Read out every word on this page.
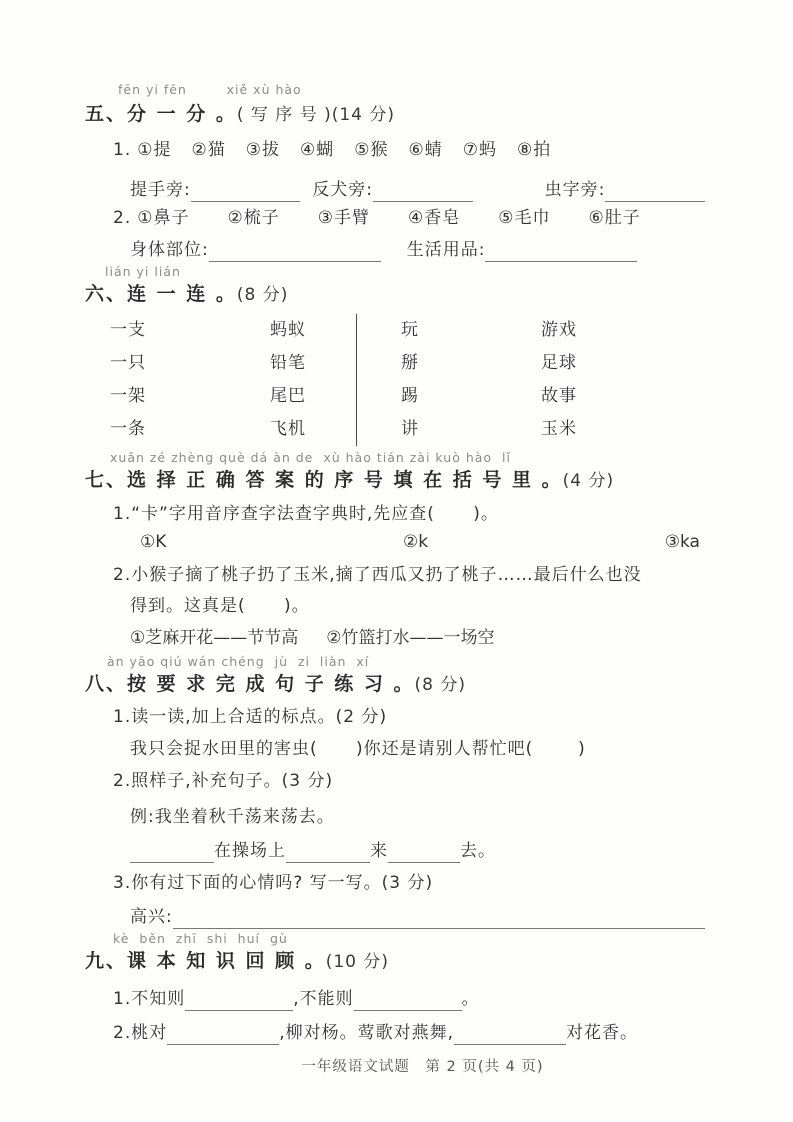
fēn yi fēn        xiě xù hào
五、分 一 分 。( 写 序 号 )(14 分)
1. ①提 ②猫 ③拔 ④蝴 ⑤猴 ⑥蜻 ⑦蚂 ⑧拍
提手旁:	反犬旁:	虫字旁:
2. ①鼻子 ②梳子 ③手臂 ④香皂 ⑤毛巾 ⑥肚子
身体部位:	生活用品:
lián yi lián
六、连 一 连 。(8 分)
一支	蚂蚁
一只	铅笔
一架	尾巴
一条	飞机
玩	游戏
掰	足球
踢	故事
讲	玉米
xuǎn zé zhèng què dá àn de  xù hào tián zài kuò hào  lǐ
七、选 择 正 确 答 案 的 序 号 填 在 括 号 里 。(4 分)
1.“卡”字用音序查字法查字典时,先应查(      )。
①K	②k	③ka
2.小猴子摘了桃子扔了玉米,摘了西瓜又扔了桃子……最后什么也没
得到。这真是(      )。
①芝麻开花——节节高 ②竹篮打水——一场空
àn yāo qiú wán chéng  jù  zi  liàn  xí
八、按 要 求 完 成 句 子 练 习 。(8 分)
1.读一读,加上合适的标点。(2 分)
我只会捉水田里的害虫(      )你还是请别人帮忙吧(       )
2.照样子,补充句子。(3 分)
例:我坐着秋千荡来荡去。
在操场上	来	去。
3.你有过下面的心情吗? 写一写。(3 分)
高兴:
kè  běn  zhī  shi  huí  gù
九、课 本 知 识 回 顾 。(10 分)
1.不知则	,不能则	。
2.桃对	,柳对杨。莺歌对燕舞,	对花香。
一年级语文试题　第 2 页(共 4 页)
